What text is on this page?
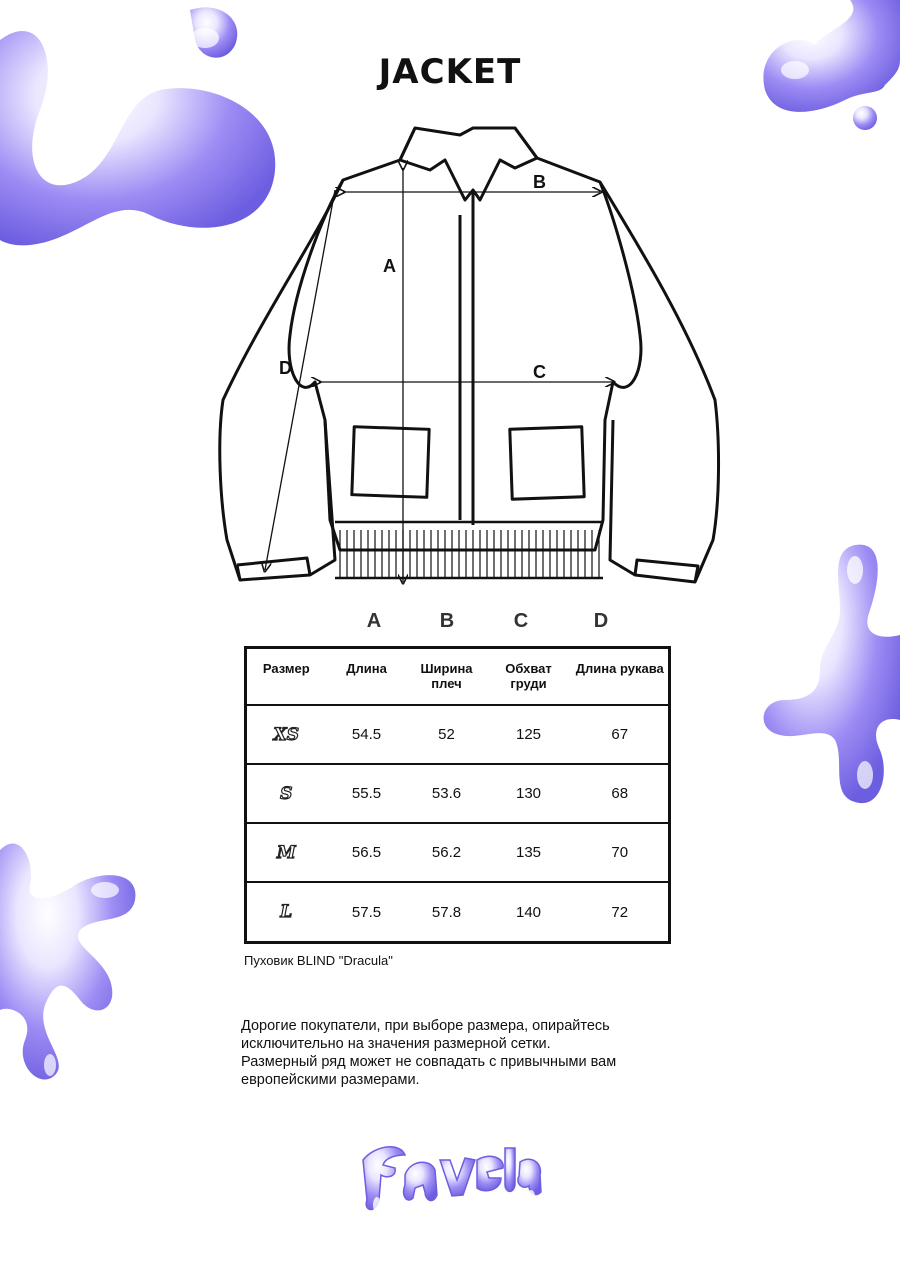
JACKET
A
B
C
D
A	B	C	D
Размер	Длина	Ширина плеч	Обхват груди	Длина рукава
XS	54.5	52	125	67
S	55.5	53.6	130	68
M	56.5	56.2	135	70
L	57.5	57.8	140	72
Пуховик BLIND "Dracula"

Дорогие покупатели, при выборе размера, опирайтесь

исключительно на значения размерной сетки.

Размерный ряд может не совпадать с привычными вам

европейскими размерами.
